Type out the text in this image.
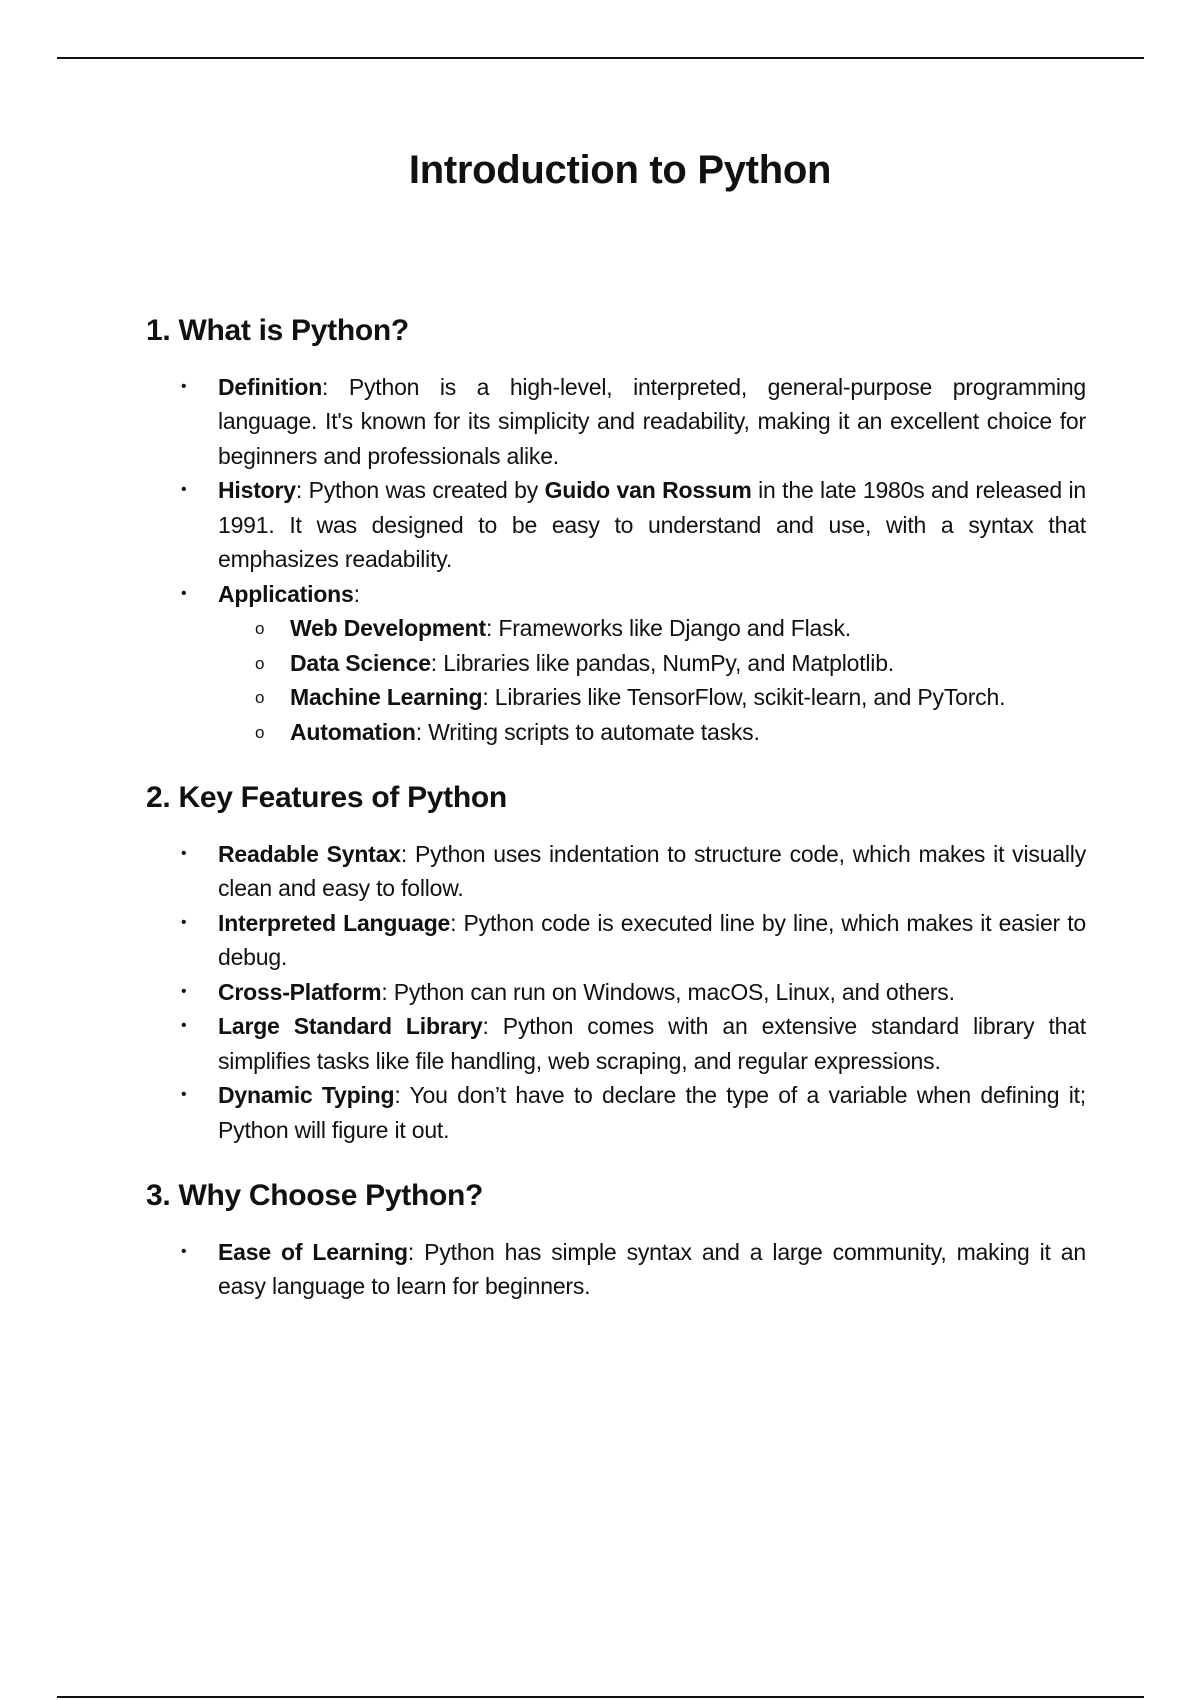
Introduction to Python
1. What is Python?
• Definition: Python is a high-level, interpreted, general-purpose programming language. It's known for its simplicity and readability, making it an excellent choice for beginners and professionals alike.
• History: Python was created by Guido van Rossum in the late 1980s and released in 1991. It was designed to be easy to understand and use, with a syntax that emphasizes readability.
• Applications:
o Web Development: Frameworks like Django and Flask.
o Data Science: Libraries like pandas, NumPy, and Matplotlib.
o Machine Learning: Libraries like TensorFlow, scikit-learn, and PyTorch.
o Automation: Writing scripts to automate tasks.
2. Key Features of Python
• Readable Syntax: Python uses indentation to structure code, which makes it visually clean and easy to follow.
• Interpreted Language: Python code is executed line by line, which makes it easier to debug.
• Cross-Platform: Python can run on Windows, macOS, Linux, and others.
• Large Standard Library: Python comes with an extensive standard library that simplifies tasks like file handling, web scraping, and regular expressions.
• Dynamic Typing: You don’t have to declare the type of a variable when defining it; Python will figure it out.
3. Why Choose Python?
• Ease of Learning: Python has simple syntax and a large community, making it an easy language to learn for beginners.
